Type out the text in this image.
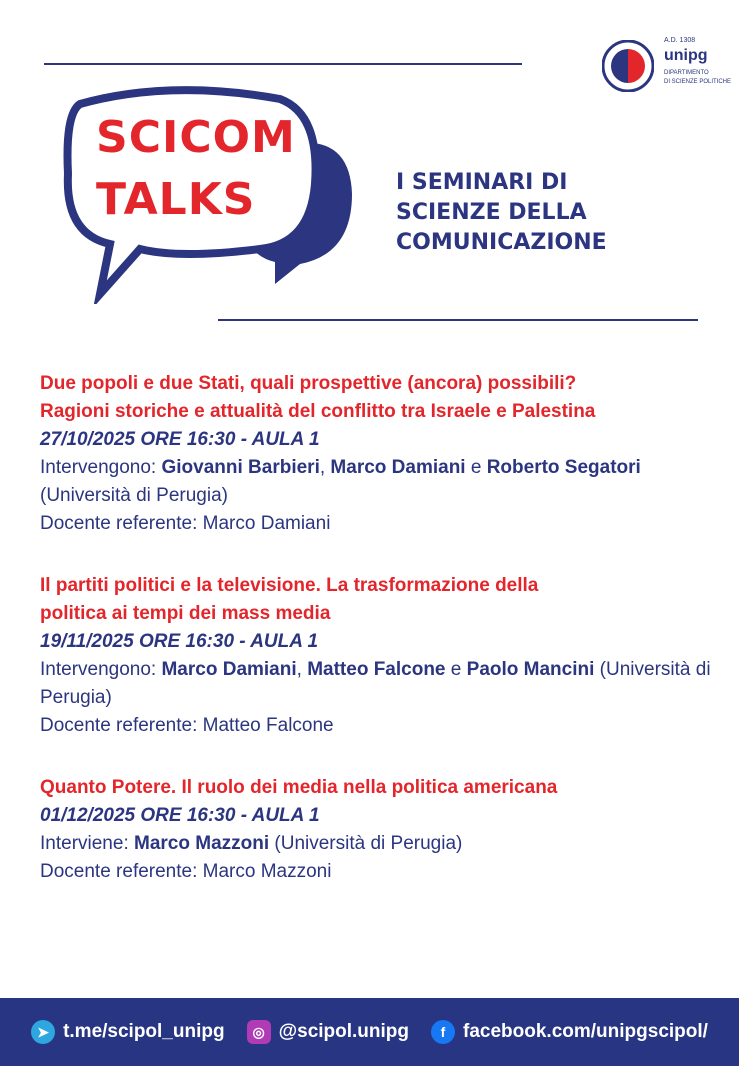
SCICOM
TALKS	I SEMINARI DI
SCIENZE DELLA
COMUNICAZIONE
A.D. 1308
unipg
DIPARTIMENTO
DI SCIENZE POLITICHE
Due popoli e due Stati, quali prospettive (ancora) possibili?
Ragioni storiche e attualità del conflitto tra Israele e Palestina
27/10/2025 ORE 16:30 - AULA 1
Intervengono: Giovanni Barbieri, Marco Damiani e Roberto Segatori (Università di Perugia)
Docente referente: Marco Damiani
Il partiti politici e la televisione. La trasformazione della
politica ai tempi dei mass media
19/11/2025 ORE 16:30 - AULA 1
Intervengono: Marco Damiani, Matteo Falcone e Paolo Mancini (Università di Perugia)
Docente referente: Matteo Falcone
Quanto Potere. Il ruolo dei media nella politica americana
01/12/2025 ORE 16:30 - AULA 1
Interviene: Marco Mazzoni (Università di Perugia)
Docente referente: Marco Mazzoni
➤ t.me/scipol_unipg	◎ @scipol.unipg	f facebook.com/unipgscipol/
